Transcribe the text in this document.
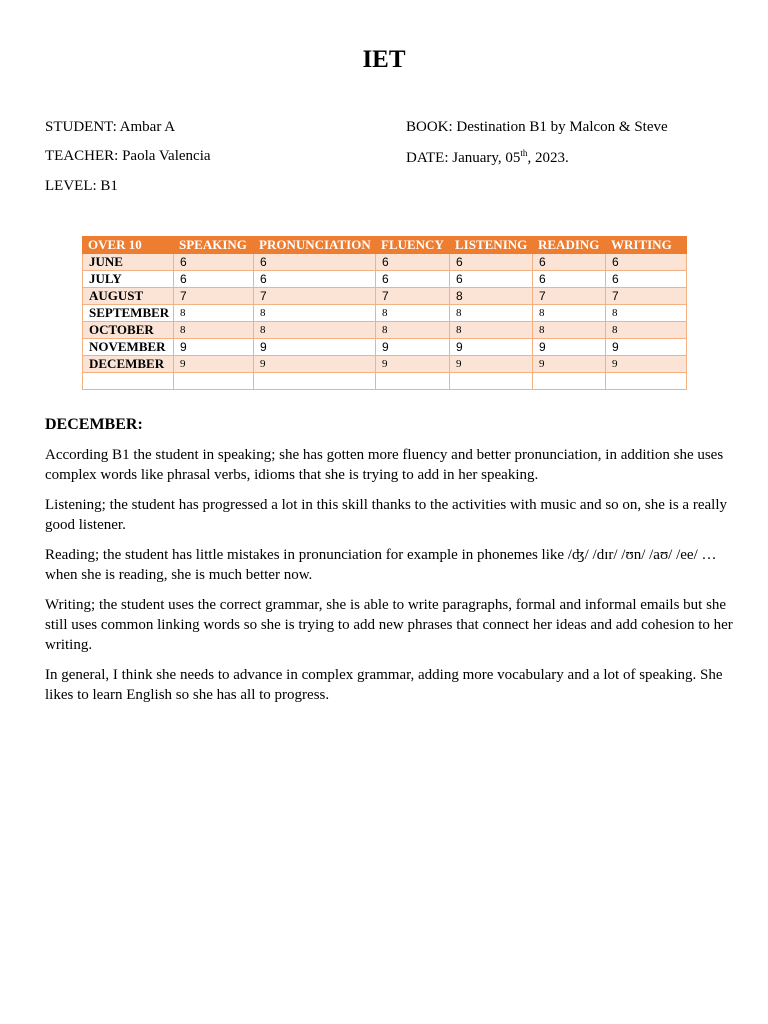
IET
STUDENT: Ambar A
TEACHER: Paola Valencia
LEVEL: B1
BOOK: Destination B1 by Malcon & Steve
DATE: January, 05th, 2023.
OVER 10	SPEAKING	PRONUNCIATION	FLUENCY	LISTENING	READING	WRITING
JUNE	6	6	6	6	6	6
JULY	6	6	6	6	6	6
AUGUST	7	7	7	8	7	7
SEPTEMBER	8	8	8	8	8	8
OCTOBER	8	8	8	8	8	8
NOVEMBER	9	9	9	9	9	9
DECEMBER	9	9	9	9	9	9

DECEMBER:

According B1 the student in speaking; she has gotten more fluency and better pronunciation, in addition she uses complex words like phrasal verbs, idioms that she is trying to add in her speaking.

Listening; the student has progressed a lot in this skill thanks to the activities with music and so on, she is a really good listener.

Reading; the student has little mistakes in pronunciation for example in phonemes like /ʤ/ /dɪr/ /ʊn/ /aʊ/ /ee/ … when she is reading, she is much better now.

Writing; the student uses the correct grammar, she is able to write paragraphs, formal and informal emails but she still uses common linking words so she is trying to add new phrases that connect her ideas and add cohesion to her writing.

In general, I think she needs to advance in complex grammar, adding more vocabulary and a lot of speaking. She likes to learn English so she has all to progress.
